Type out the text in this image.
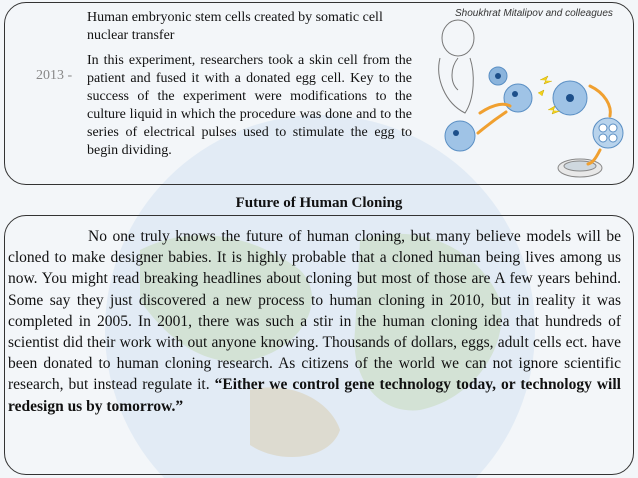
2013 -
Human embryonic stem cells created by somatic cell nuclear transfer
In this experiment, researchers took a skin cell from the patient and fused it with a donated egg cell. Key to the success of the experiment were modifications to the culture liquid in which the procedure was done and to the series of electrical pulses used to stimulate the egg to begin dividing.
Shoukhrat Mitalipov and colleagues
Future of Human Cloning
No one truly knows the future of human cloning, but many believe models will be cloned to make designer babies. It is highly probable that a cloned human being lives among us now. You might read breaking headlines about cloning but most of those are A few years behind. Some say they just discovered a new process to human cloning in 2010, but in reality it was completed in 2005. In 2001, there was such a stir in the human cloning idea that hundreds of scientist did their work with out anyone knowing. Thousands of dollars, eggs, adult cells ect. have been donated to human cloning research. As citizens of the world we can not ignore scientific research, but instead regulate it. “Either we control gene technology today, or technology will redesign us by tomorrow.”
